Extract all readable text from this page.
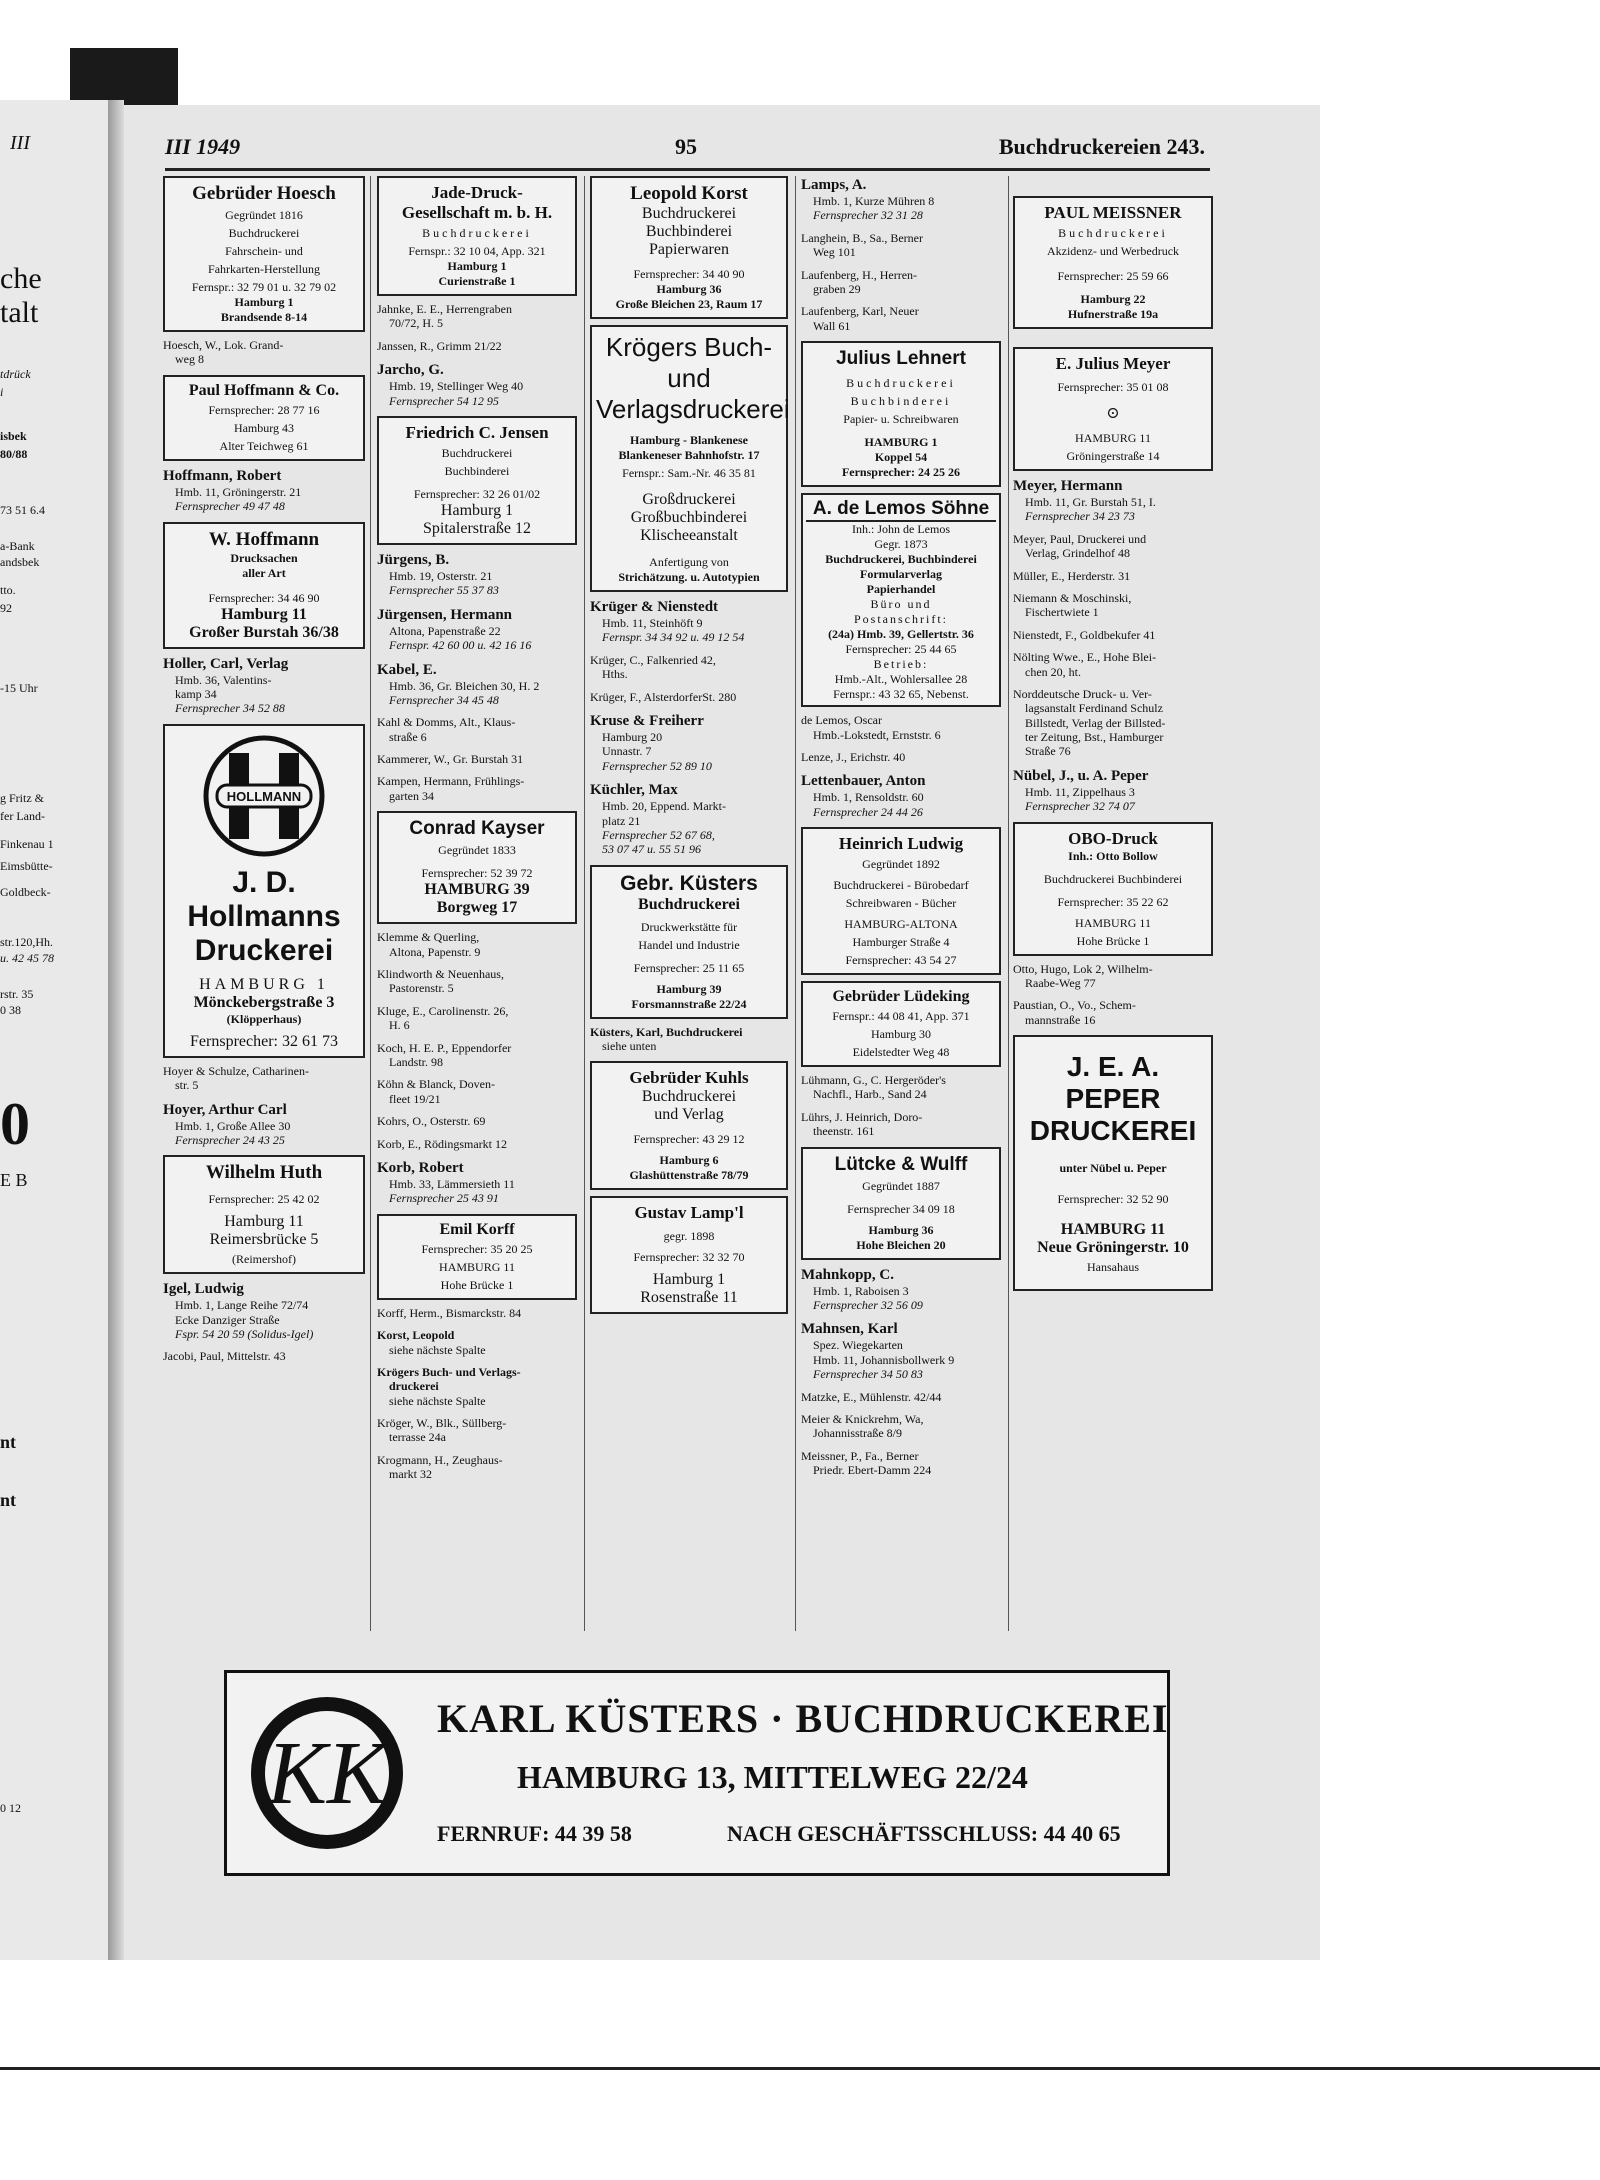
III
che
talt
tdrück
i
isbek
80/88
73 51 6.4
a-Bank
andsbek
tto.
92
-15 Uhr
g Fritz &
fer Land-
Finkenau 1
Eimsbütte-
Goldbeck-
str.120,Hh.
u. 42 45 78
rstr. 35
0 38
0
E B
nt
nt
0 12
III 1949	95	Buchdruckereien 243.
Gebrüder Hoesch
Gegründet 1816
Buchdruckerei
Fahrschein- und
Fahrkarten-Herstellung
Fernspr.: 32 79 01 u. 32 79 02
Hamburg 1
Brandsende 8-14
Hoesch, W., Lok. Grand-
weg 8
Paul Hoffmann & Co.
Fernsprecher: 28 77 16
Hamburg 43
Alter Teichweg 61
Hoffmann, Robert
Hmb. 11, Gröningerstr. 21
Fernsprecher 49 47 48
W. Hoffmann
Drucksachen
aller Art
Fernsprecher: 34 46 90
Hamburg 11
Großer Burstah 36/38
Holler, Carl, Verlag
Hmb. 36, Valentins-
kamp 34
Fernsprecher 34 52 88
HOLLMANN
J. D.
Hollmanns
Druckerei
HAMBURG 1
Mönckebergstraße 3
(Klöpperhaus)
Fernsprecher: 32 61 73
Hoyer & Schulze, Catharinen-
str. 5
Hoyer, Arthur Carl
Hmb. 1, Große Allee 30
Fernsprecher 24 43 25
Wilhelm Huth
Fernsprecher: 25 42 02
Hamburg 11
Reimersbrücke 5
(Reimershof)
Igel, Ludwig
Hmb. 1, Lange Reihe 72/74
Ecke Danziger Straße
Fspr. 54 20 59 (Solidus-Igel)
Jacobi, Paul, Mittelstr. 43
Jade-Druck-
Gesellschaft m. b. H.
Buchdruckerei
Fernspr.: 32 10 04, App. 321
Hamburg 1
Curienstraße 1
Jahnke, E. E., Herrengraben
70/72, H. 5
Janssen, R., Grimm 21/22
Jarcho, G.
Hmb. 19, Stellinger Weg 40
Fernsprecher 54 12 95
Friedrich C. Jensen
Buchdruckerei
Buchbinderei
Fernsprecher: 32 26 01/02
Hamburg 1
Spitalerstraße 12
Jürgens, B.
Hmb. 19, Osterstr. 21
Fernsprecher 55 37 83
Jürgensen, Hermann
Altona, Papenstraße 22
Fernspr. 42 60 00 u. 42 16 16
Kabel, E.
Hmb. 36, Gr. Bleichen 30, H. 2
Fernsprecher 34 45 48
Kahl & Domms, Alt., Klaus-
straße 6
Kammerer, W., Gr. Burstah 31
Kampen, Hermann, Frühlings-
garten 34
Conrad Kayser
Gegründet 1833
Fernsprecher: 52 39 72
HAMBURG 39
Borgweg 17
Klemme & Querling,
Altona, Papenstr. 9
Klindworth & Neuenhaus,
Pastorenstr. 5
Kluge, E., Carolinenstr. 26,
H. 6
Koch, H. E. P., Eppendorfer
Landstr. 98
Köhn & Blanck, Doven-
fleet 19/21
Kohrs, O., Osterstr. 69
Korb, E., Rödingsmarkt 12
Korb, Robert
Hmb. 33, Lämmersieth 11
Fernsprecher 25 43 91
Emil Korff
Fernsprecher: 35 20 25
HAMBURG 11
Hohe Brücke 1
Korff, Herm., Bismarckstr. 84
Korst, Leopold
siehe nächste Spalte
Krögers Buch- und Verlags-
druckerei
siehe nächste Spalte
Kröger, W., Blk., Süllberg-
terrasse 24a
Krogmann, H., Zeughaus-
markt 32
Leopold Korst
Buchdruckerei
Buchbinderei
Papierwaren
Fernsprecher: 34 40 90
Hamburg 36
Große Bleichen 23, Raum 17
Krögers Buch- und
Verlagsdruckerei
Hamburg - Blankenese
Blankeneser Bahnhofstr. 17
Fernspr.: Sam.-Nr. 46 35 81
Großdruckerei
Großbuchbinderei
Klischeeanstalt
Anfertigung von
Strichätzung. u. Autotypien
Krüger & Nienstedt
Hmb. 11, Steinhöft 9
Fernspr. 34 34 92 u. 49 12 54
Krüger, C., Falkenried 42,
Hths.
Krüger, F., AlsterdorferSt. 280
Kruse & Freiherr
Hamburg 20
Unnastr. 7
Fernsprecher 52 89 10
Küchler, Max
Hmb. 20, Eppend. Markt-
platz 21
Fernsprecher 52 67 68,
53 07 47 u. 55 51 96
Gebr. Küsters
Buchdruckerei
Druckwerkstätte für
Handel und Industrie
Fernsprecher: 25 11 65
Hamburg 39
Forsmannstraße 22/24
Küsters, Karl, Buchdruckerei
siehe unten
Gebrüder Kuhls
Buchdruckerei
und Verlag
Fernsprecher: 43 29 12
Hamburg 6
Glashüttenstraße 78/79
Gustav Lamp'l
gegr. 1898
Fernsprecher: 32 32 70
Hamburg 1
Rosenstraße 11
Lamps, A.
Hmb. 1, Kurze Mühren 8
Fernsprecher 32 31 28
Langhein, B., Sa., Berner
Weg 101
Laufenberg, H., Herren-
graben 29
Laufenberg, Karl, Neuer
Wall 61
Julius Lehnert
Buchdruckerei
Buchbinderei
Papier- u. Schreibwaren
HAMBURG 1
Koppel 54
Fernsprecher: 24 25 26
A. de Lemos Söhne
Inh.: John de Lemos
Gegr. 1873
Buchdruckerei, Buchbinderei
Formularverlag
Papierhandel
Büro und
Postanschrift:
(24a) Hmb. 39, Gellertstr. 36
Fernsprecher: 25 44 65
Betrieb:
Hmb.-Alt., Wohlersallee 28
Fernspr.: 43 32 65, Nebenst.
de Lemos, Oscar
Hmb.-Lokstedt, Ernststr. 6
Lenze, J., Erichstr. 40
Lettenbauer, Anton
Hmb. 1, Rensoldstr. 60
Fernsprecher 24 44 26
Heinrich Ludwig
Gegründet 1892
Buchdruckerei - Bürobedarf
Schreibwaren - Bücher
HAMBURG-ALTONA
Hamburger Straße 4
Fernsprecher: 43 54 27
Gebrüder Lüdeking
Fernspr.: 44 08 41, App. 371
Hamburg 30
Eidelstedter Weg 48
Lühmann, G., C. Hergeröder's
Nachfl., Harb., Sand 24
Lührs, J. Heinrich, Doro-
theenstr. 161
Lütcke & Wulff
Gegründet 1887
Fernsprecher 34 09 18
Hamburg 36
Hohe Bleichen 20
Mahnkopp, C.
Hmb. 1, Raboisen 3
Fernsprecher 32 56 09
Mahnsen, Karl
Spez. Wiegekarten
Hmb. 11, Johannisbollwerk 9
Fernsprecher 34 50 83
Matzke, E., Mühlenstr. 42/44
Meier & Knickrehm, Wa,
Johannisstraße 8/9
Meissner, P., Fa., Berner
Priedr. Ebert-Damm 224
PAUL MEISSNER
Buchdruckerei
Akzidenz- und Werbedruck
Fernsprecher: 25 59 66
Hamburg 22
Hufnerstraße 19a
E. Julius Meyer
Fernsprecher: 35 01 08
⊙
HAMBURG 11
Gröningerstraße 14
Meyer, Hermann
Hmb. 11, Gr. Burstah 51, I.
Fernsprecher 34 23 73
Meyer, Paul, Druckerei und
Verlag, Grindelhof 48
Müller, E., Herderstr. 31
Niemann & Moschinski,
Fischertwiete 1
Nienstedt, F., Goldbekufer 41
Nölting Wwe., E., Hohe Blei-
chen 20, ht.
Norddeutsche Druck- u. Ver-
lagsanstalt Ferdinand Schulz
Billstedt, Verlag der Billsted-
ter Zeitung, Bst., Hamburger
Straße 76
Nübel, J., u. A. Peper
Hmb. 11, Zippelhaus 3
Fernsprecher 32 74 07
OBO-Druck
Inh.: Otto Bollow
Buchdruckerei Buchbinderei
Fernsprecher: 35 22 62
HAMBURG 11
Hohe Brücke 1
Otto, Hugo, Lok 2, Wilhelm-
Raabe-Weg 77
Paustian, O., Vo., Schem-
mannstraße 16
J. E. A.
PEPER
DRUCKEREI
unter Nübel u. Peper
Fernsprecher: 32 52 90
HAMBURG 11
Neue Gröningerstr. 10
Hansahaus
KK
KARL KÜSTERS · BUCHDRUCKEREI
HAMBURG 13, MITTELWEG 22/24
FERNRUF: 44 39 58	NACH GESCHÄFTSSCHLUSS: 44 40 65
